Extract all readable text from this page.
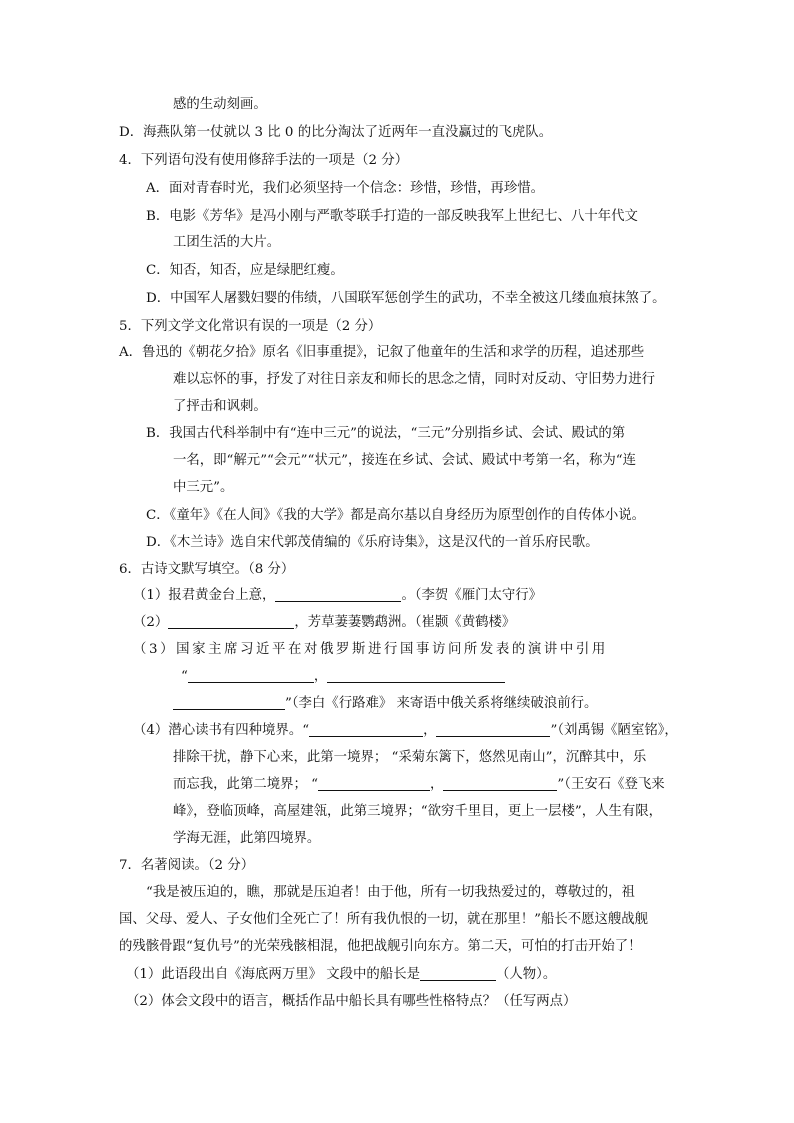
感的生动刻画。
D．海燕队第一仗就以 3 比 0 的比分淘汰了近两年一直没赢过的飞虎队。
4．下列语句没有使用修辞手法的一项是（2 分）
A．面对青春时光，我们必须坚持一个信念：珍惜，珍惜，再珍惜。
B．电影《芳华》是冯小刚与严歌苓联手打造的一部反映我军上世纪七、八十年代文
工团生活的大片。
C．知否，知否，应是绿肥红瘦。
D．中国军人屠戮妇婴的伟绩，八国联军惩创学生的武功，不幸全被这几缕血痕抹煞了。
5．下列文学文化常识有误的一项是（2 分）
A．鲁迅的《朝花夕拾》原名《旧事重提》，记叙了他童年的生活和求学的历程，追述那些
难以忘怀的事，抒发了对往日亲友和师长的思念之情，同时对反动、守旧势力进行
了抨击和讽刺。
B．我国古代科举制中有“连中三元”的说法，“三元”分别指乡试、会试、殿试的第
一名，即“解元”“会元”“状元”，接连在乡试、会试、殿试中考第一名，称为“连
中三元”。
C．《童年》《在人间》《我的大学》都是高尔基以自身经历为原型创作的自传体小说。
D．《木兰诗》选自宋代郭茂倩编的《乐府诗集》，这是汉代的一首乐府民歌。
6．古诗文默写填空。（8 分）
（1）报君黄金台上意，	。（李贺《雁门太守行》
（2）	，芳草萋萋鹦鹉洲。（崔颢《黄鹤楼》
（3）国家主席习近平在对俄罗斯进行国事访问所发表的演讲中引用
“	，
”（李白《行路难》 来寄语中俄关系将继续破浪前行。
（4）潜心读书有四种境界。“	，	”（刘禹锡《陋室铭》，
排除干扰，静下心来，此第一境界； “采菊东篱下，悠然见南山”，沉醉其中，乐
而忘我，此第二境界； “	，	”（王安石《登飞来
峰》，登临顶峰，高屋建瓴，此第三境界；“欲穷千里目，更上一层楼”，人生有限，
学海无涯，此第四境界。
7．名著阅读。（2 分）
“我是被压迫的，瞧，那就是压迫者！由于他，所有一切我热爱过的，尊敬过的，祖
国、父母、爱人、子女他们全死亡了！所有我仇恨的一切，就在那里！”船长不愿这艘战舰
的残骸骨跟“复仇号”的光荣残骸相混，他把战舰引向东方。第二天，可怕的打击开始了！
（1）此语段出自《海底两万里》 文段中的船长是	（人物）。
（2）体会文段中的语言，概括作品中船长具有哪些性格特点？（任写两点）
